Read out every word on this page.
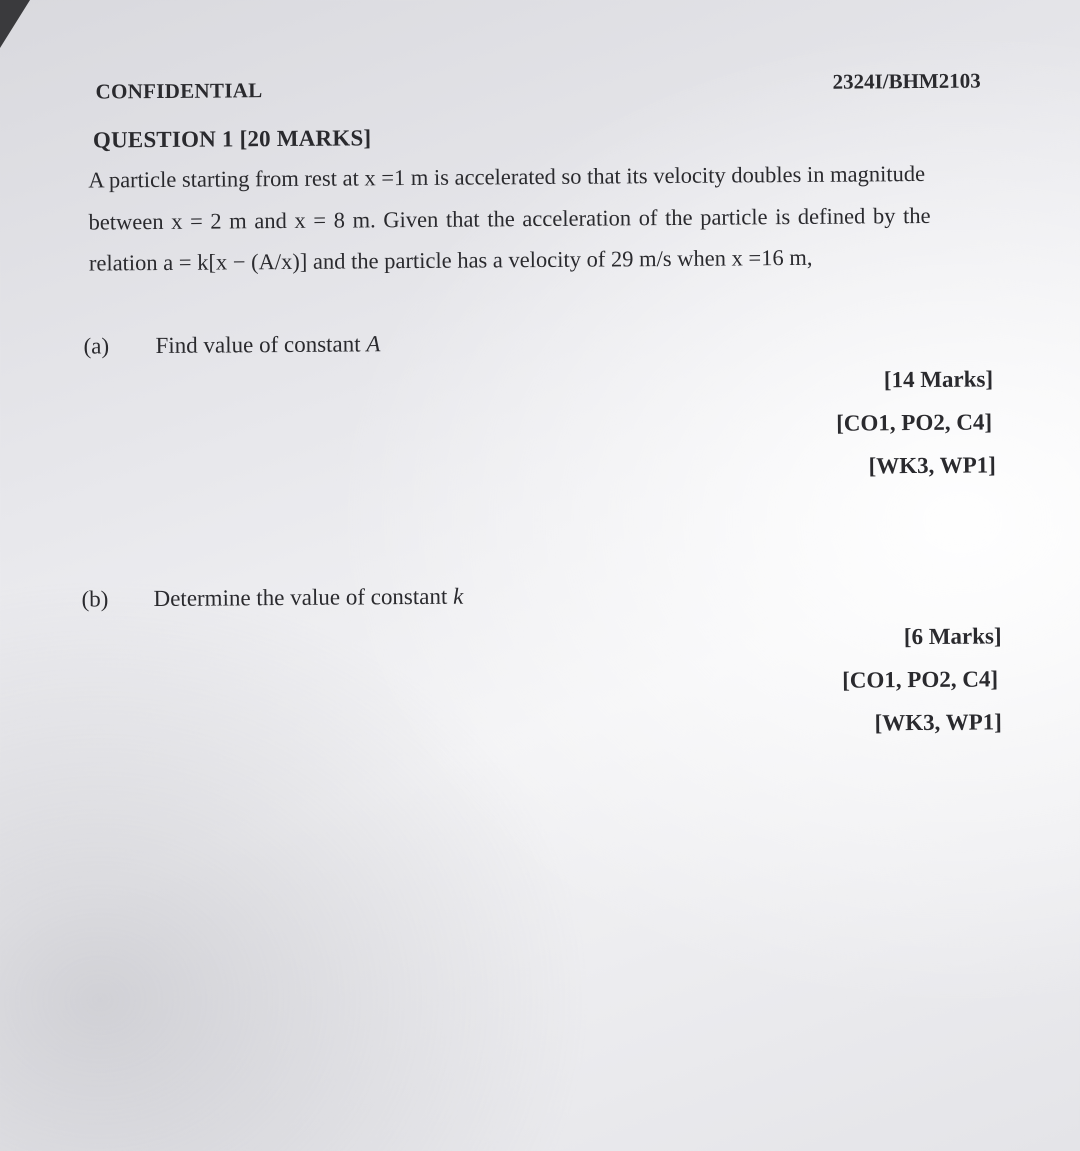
CONFIDENTIAL	2324I/BHM2103
QUESTION 1 [20 MARKS]
A particle starting from rest at x =1 m is accelerated so that its velocity doubles in magnitude
between x = 2 m and x = 8 m. Given that the acceleration of the particle is defined by the
relation a = k[x − (A/x)] and the particle has a velocity of 29 m/s when x =16 m,
(a) Find value of constant A
[14 Marks]
[CO1, PO2, C4]
[WK3, WP1]
(b) Determine the value of constant k
[6 Marks]
[CO1, PO2, C4]
[WK3, WP1]
